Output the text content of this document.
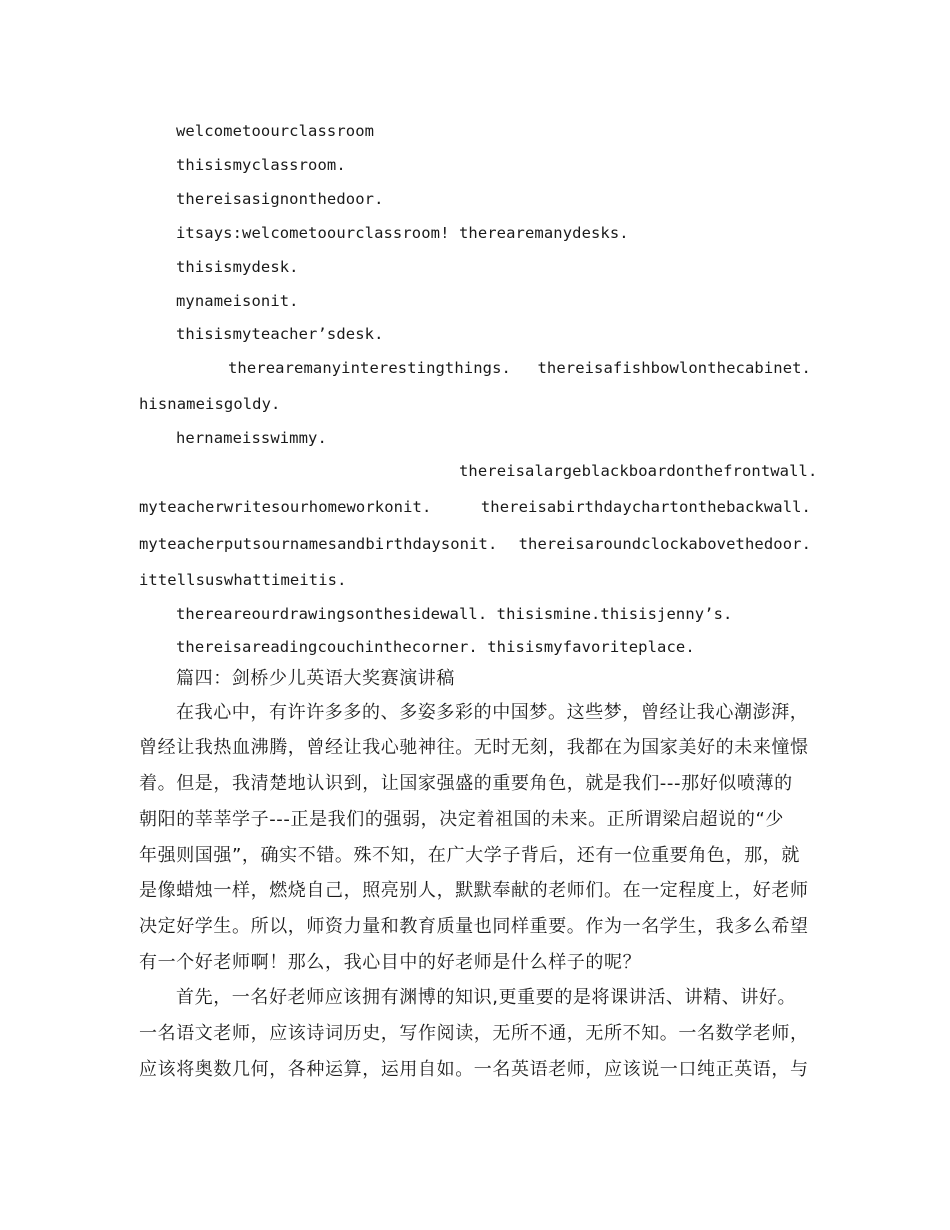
welcometoourclassroom
thisismyclassroom.
thereisasignonthedoor.
itsays:welcometoourclassroom! therearemanydesks.
thisismydesk.
mynameisonit.
thisismyteacher’sdesk.
therearemanyinterestingthings. thereisafishbowlonthecabinet.
hisnameisgoldy.
hernameisswimmy.
thereisalargeblackboardonthefrontwall.
myteacherwritesourhomeworkonit.	thereisabirthdaychartonthebackwall.
myteacherputsournamesandbirthdaysonit. thereisaroundclockabovethedoor.
ittellsuswhattimeitis.
thereareourdrawingsonthesidewall. thisismine.thisisjenny’s.
thereisareadingcouchinthecorner. thisismyfavoriteplace.
篇四：剑桥少儿英语大奖赛演讲稿
在我心中，有许许多多的、多姿多彩的中国梦。这些梦，曾经让我心潮澎湃，
曾经让我热血沸腾，曾经让我心驰神往。无时无刻，我都在为国家美好的未来憧憬
着。但是，我清楚地认识到，让国家强盛的重要角色，就是我们---那好似喷薄的
朝阳的莘莘学子---正是我们的强弱，决定着祖国的未来。正所谓梁启超说的“少
年强则国强”，确实不错。殊不知，在广大学子背后，还有一位重要角色，那，就
是像蜡烛一样，燃烧自己，照亮别人，默默奉献的老师们。在一定程度上，好老师
决定好学生。所以，师资力量和教育质量也同样重要。作为一名学生，我多么希望
有一个好老师啊！那么，我心目中的好老师是什么样子的呢？
首先，一名好老师应该拥有渊博的知识,更重要的是将课讲活、讲精、讲好。
一名语文老师，应该诗词历史，写作阅读，无所不通，无所不知。一名数学老师，
应该将奥数几何，各种运算，运用自如。一名英语老师，应该说一口纯正英语，与
